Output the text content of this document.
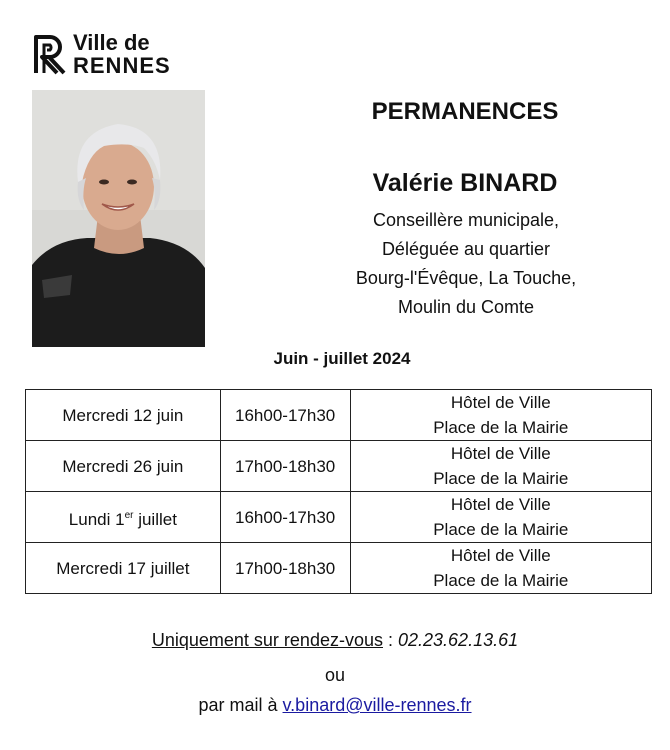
Ville de
RENNES
PERMANENCES
Valérie BINARD
Conseillère municipale,
Déléguée au quartier
Bourg-l'Évêque, La Touche,
Moulin du Comte
Juin - juillet 2024
Mercredi 12 juin	16h00-17h30	Hôtel de Ville
Place de la Mairie

Mercredi 26 juin	17h00-18h30	Hôtel de Ville
Place de la Mairie

Lundi 1er juillet	16h00-17h30	Hôtel de Ville
Place de la Mairie

Mercredi 17 juillet	17h00-18h30	Hôtel de Ville
Place de la Mairie
Uniquement sur rendez-vous : 02.23.62.13.61
ou
par mail à v.binard@ville-rennes.fr
